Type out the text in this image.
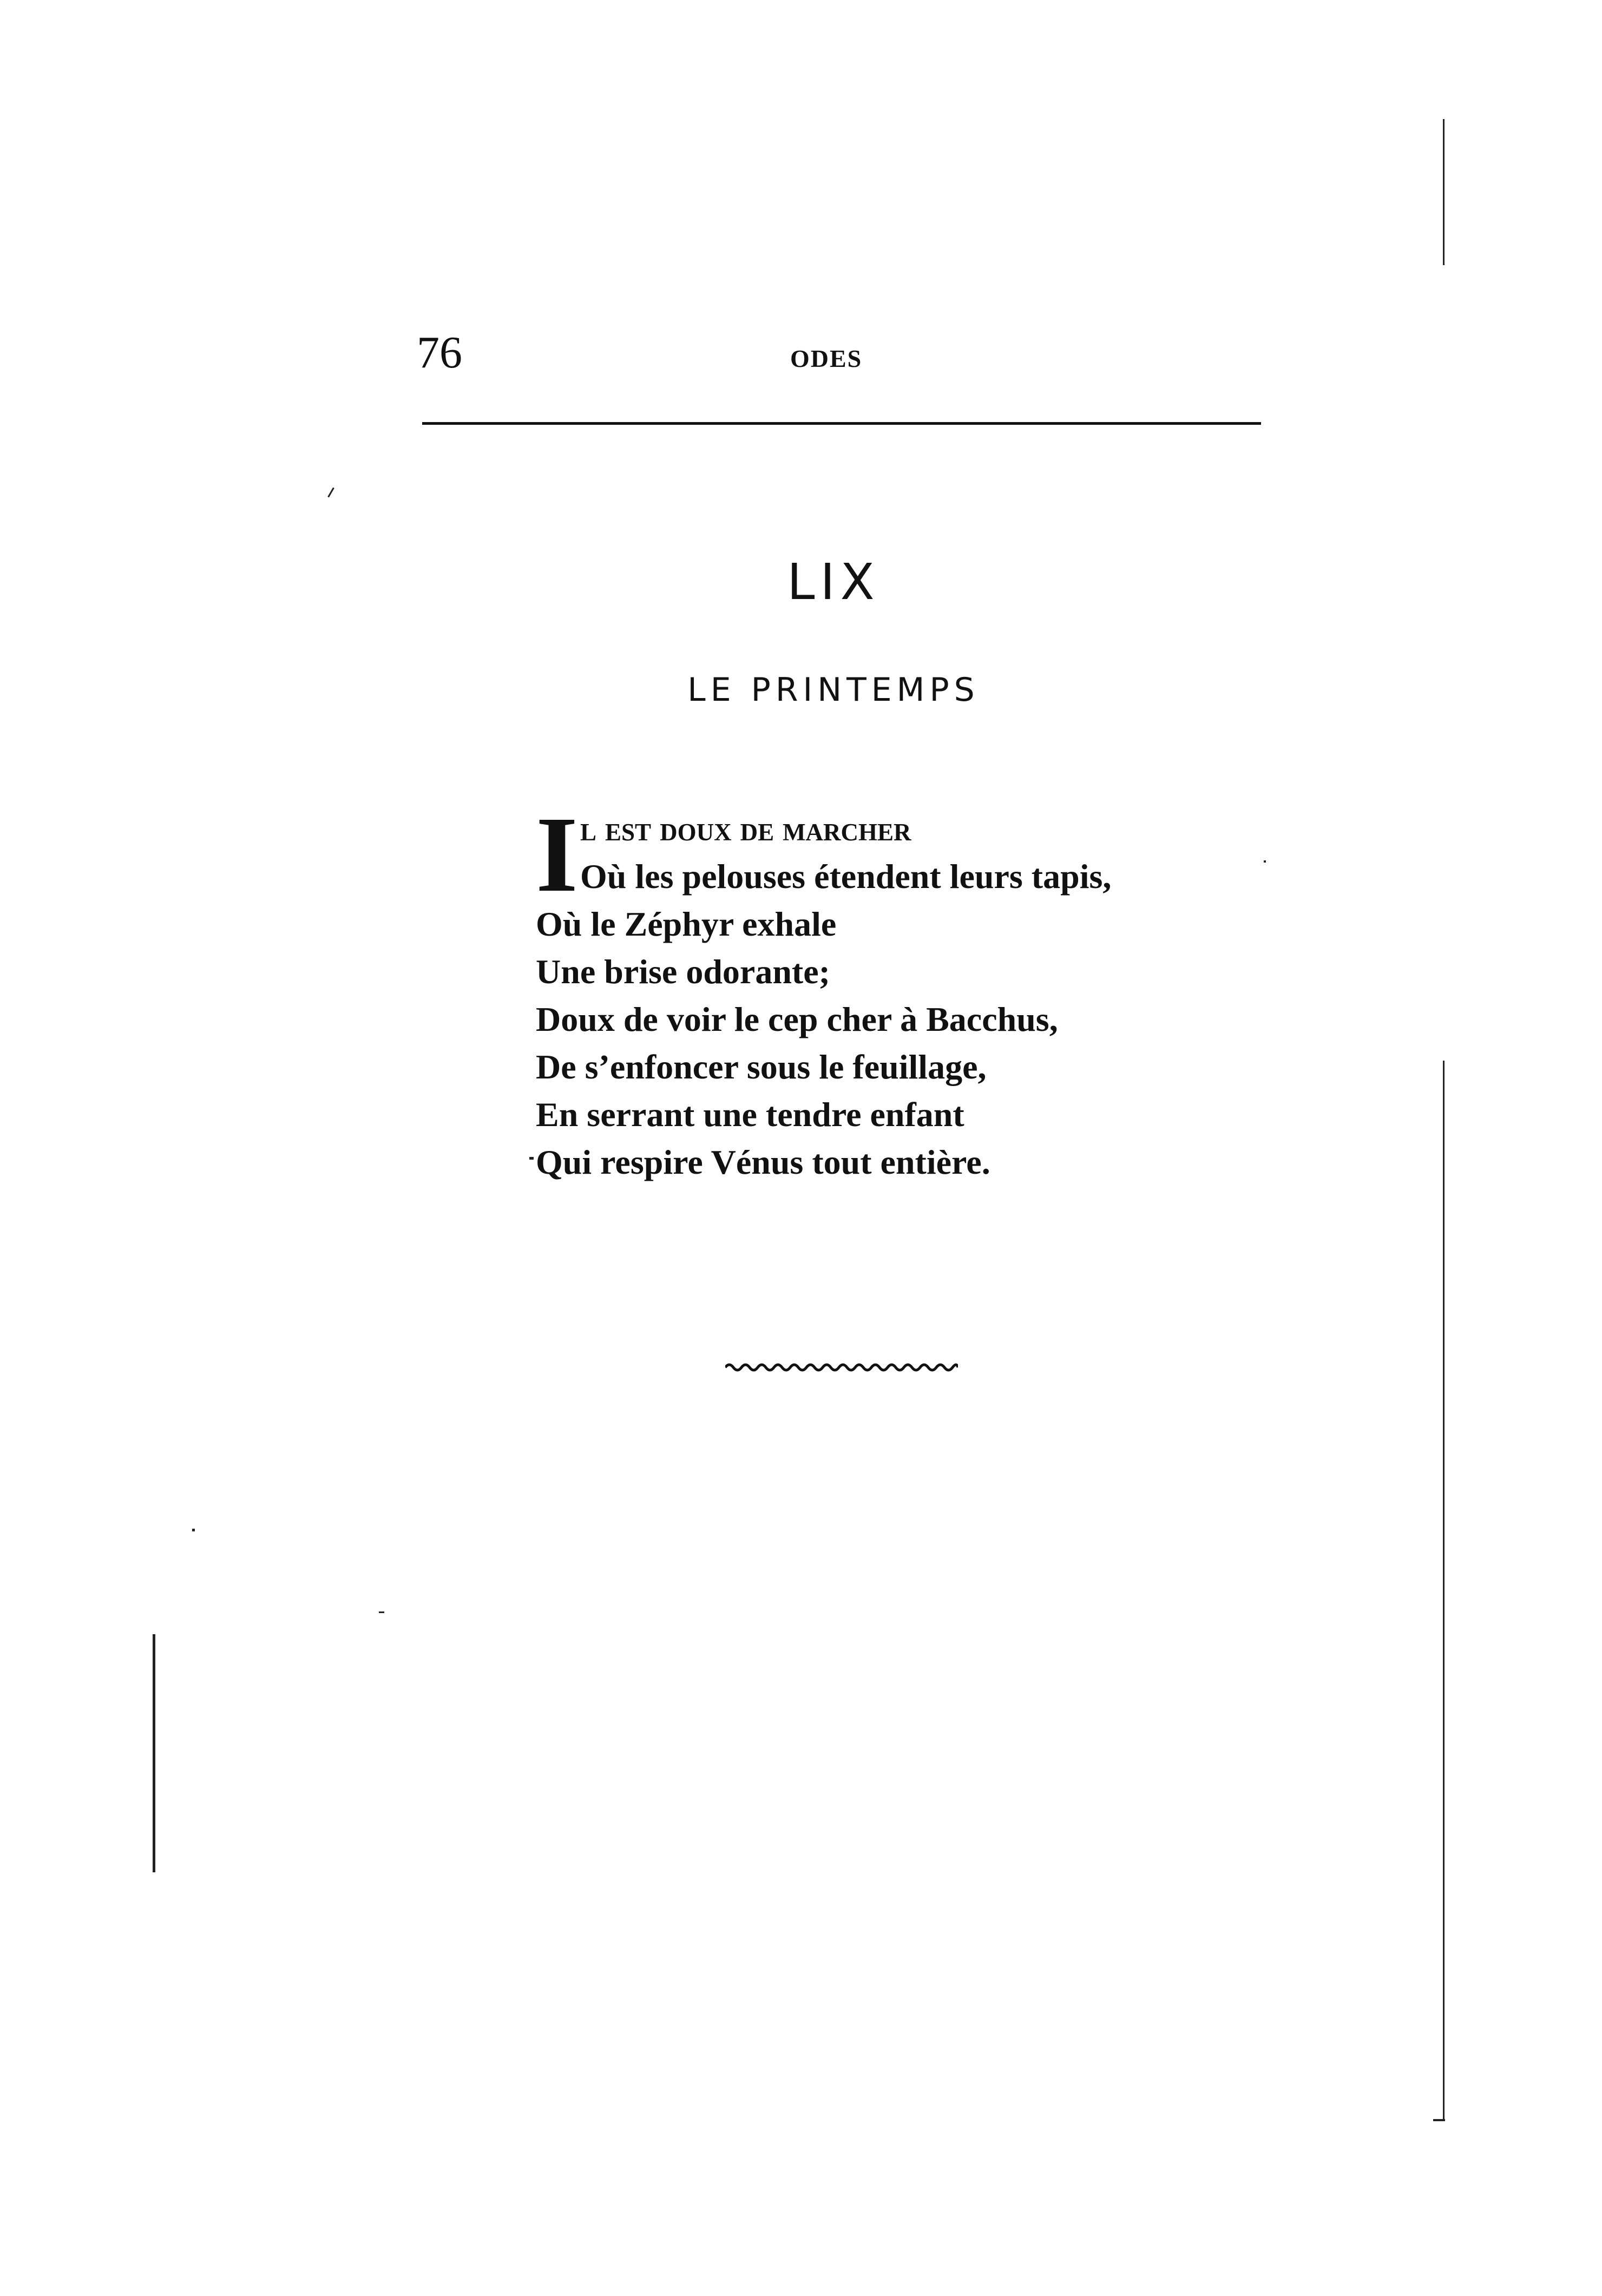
76	ODES
LIX
LE PRINTEMPS
I l est doux de marcher
Où les pelouses étendent leurs tapis,
Où le Zéphyr exhale
Une brise odorante;
Doux de voir le cep cher à Bacchus,
De s’enfoncer sous le feuillage,
En serrant une tendre enfant
Qui respire Vénus tout entière.
